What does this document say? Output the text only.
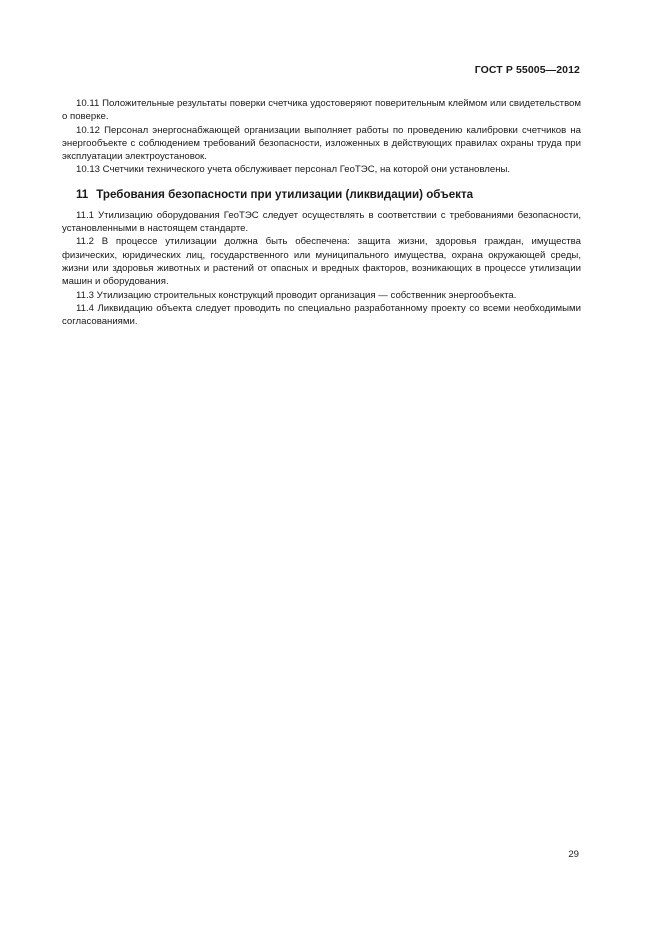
ГОСТ Р 55005—2012

10.11 Положительные результаты поверки счетчика удостоверяют поверительным клеймом или свидетельством о поверке.

10.12 Персонал энергоснабжающей организации выполняет работы по проведению калибровки счетчиков на энергообъекте с соблюдением требований безопасности, изложенных в действующих правилах охраны труда при эксплуатации электроустановок.

10.13 Счетчики технического учета обслуживает персонал ГеоТЭС, на которой они установлены.

11 Требования безопасности при утилизации (ликвидации) объекта

11.1 Утилизацию оборудования ГеоТЭС следует осуществлять в соответствии с требованиями безопасности, установленными в настоящем стандарте.

11.2 В процессе утилизации должна быть обеспечена: защита жизни, здоровья граждан, имущества физических, юридических лиц, государственного или муниципального имущества, охрана окружающей среды, жизни или здоровья животных и растений от опасных и вредных факторов, возникающих в процессе утилизации машин и оборудования.

11.3 Утилизацию строительных конструкций проводит организация — собственник энергообъекта.

11.4 Ликвидацию объекта следует проводить по специально разработанному проекту со всеми необходимыми согласованиями.

29
